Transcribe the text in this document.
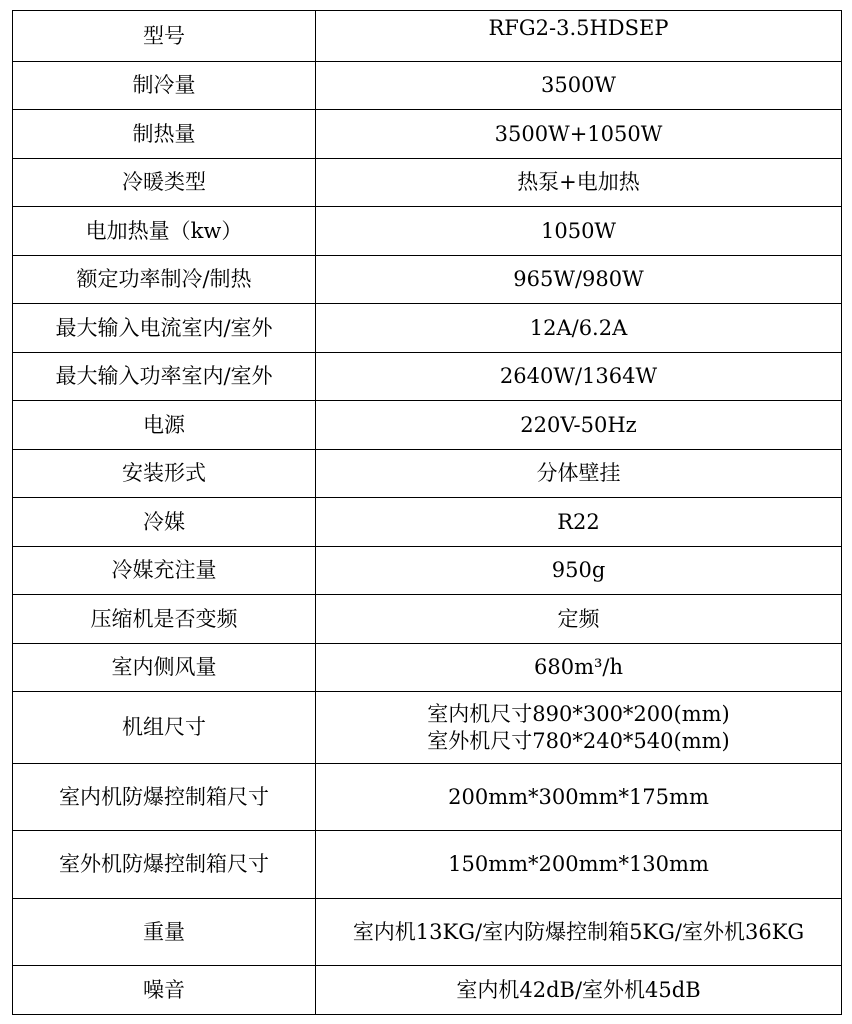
型号	RFG2-3.5HDSEP
制冷量	3500W
制热量	3500W+1050W
冷暖类型	热泵+电加热
电加热量（kw）	1050W
额定功率制冷/制热	965W/980W
最大输入电流室内/室外	12A/6.2A
最大输入功率室内/室外	2640W/1364W
电源	220V-50Hz
安装形式	分体壁挂
冷媒	R22
冷媒充注量	950g
压缩机是否变频	定频
室内侧风量	680m³/h
机组尺寸	室内机尺寸890*300*200(mm)
室外机尺寸780*240*540(mm)

室内机防爆控制箱尺寸	200mm*300mm*175mm
室外机防爆控制箱尺寸	150mm*200mm*130mm
重量	室内机13KG/室内防爆控制箱5KG/室外机36KG
噪音	室内机42dB/室外机45dB
